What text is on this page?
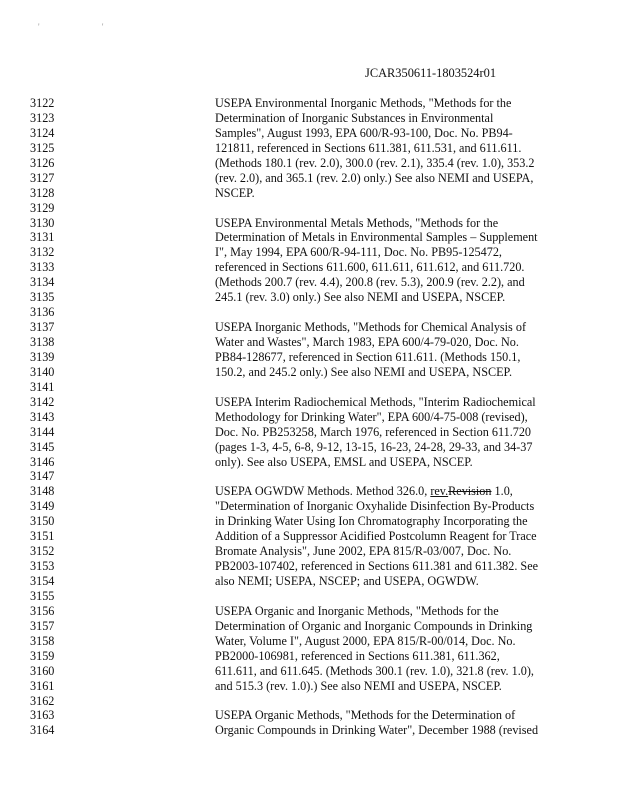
' '
JCAR350611-1803524r01
3122
3123
3124
3125
3126
3127
3128
3129
3130
3131
3132
3133
3134
3135
3136
3137
3138
3139
3140
3141
3142
3143
3144
3145
3146
3147
3148
3149
3150
3151
3152
3153
3154
3155
3156
3157
3158
3159
3160
3161
3162
3163
3164
USEPA Environmental Inorganic Methods, "Methods for the
Determination of Inorganic Substances in Environmental
Samples", August 1993, EPA 600/R-93-100, Doc. No. PB94-
121811, referenced in Sections 611.381, 611.531, and 611.611.
(Methods 180.1 (rev. 2.0), 300.0 (rev. 2.1), 335.4 (rev. 1.0), 353.2
(rev. 2.0), and 365.1 (rev. 2.0) only.) See also NEMI and USEPA,
NSCEP.
USEPA Environmental Metals Methods, "Methods for the
Determination of Metals in Environmental Samples – Supplement
I", May 1994, EPA 600/R-94-111, Doc. No. PB95-125472,
referenced in Sections 611.600, 611.611, 611.612, and 611.720.
(Methods 200.7 (rev. 4.4), 200.8 (rev. 5.3), 200.9 (rev. 2.2), and
245.1 (rev. 3.0) only.) See also NEMI and USEPA, NSCEP.
USEPA Inorganic Methods, "Methods for Chemical Analysis of
Water and Wastes", March 1983, EPA 600/4-79-020, Doc. No.
PB84-128677, referenced in Section 611.611. (Methods 150.1,
150.2, and 245.2 only.) See also NEMI and USEPA, NSCEP.
USEPA Interim Radiochemical Methods, "Interim Radiochemical
Methodology for Drinking Water", EPA 600/4-75-008 (revised),
Doc. No. PB253258, March 1976, referenced in Section 611.720
(pages 1-3, 4-5, 6-8, 9-12, 13-15, 16-23, 24-28, 29-33, and 34-37
only). See also USEPA, EMSL and USEPA, NSCEP.
USEPA OGWDW Methods. Method 326.0, rev.Revision 1.0,
"Determination of Inorganic Oxyhalide Disinfection By-Products
in Drinking Water Using Ion Chromatography Incorporating the
Addition of a Suppressor Acidified Postcolumn Reagent for Trace
Bromate Analysis", June 2002, EPA 815/R-03/007, Doc. No.
PB2003-107402, referenced in Sections 611.381 and 611.382. See
also NEMI; USEPA, NSCEP; and USEPA, OGWDW.
USEPA Organic and Inorganic Methods, "Methods for the
Determination of Organic and Inorganic Compounds in Drinking
Water, Volume I", August 2000, EPA 815/R-00/014, Doc. No.
PB2000-106981, referenced in Sections 611.381, 611.362,
611.611, and 611.645. (Methods 300.1 (rev. 1.0), 321.8 (rev. 1.0),
and 515.3 (rev. 1.0).) See also NEMI and USEPA, NSCEP.
USEPA Organic Methods, "Methods for the Determination of
Organic Compounds in Drinking Water", December 1988 (revised
